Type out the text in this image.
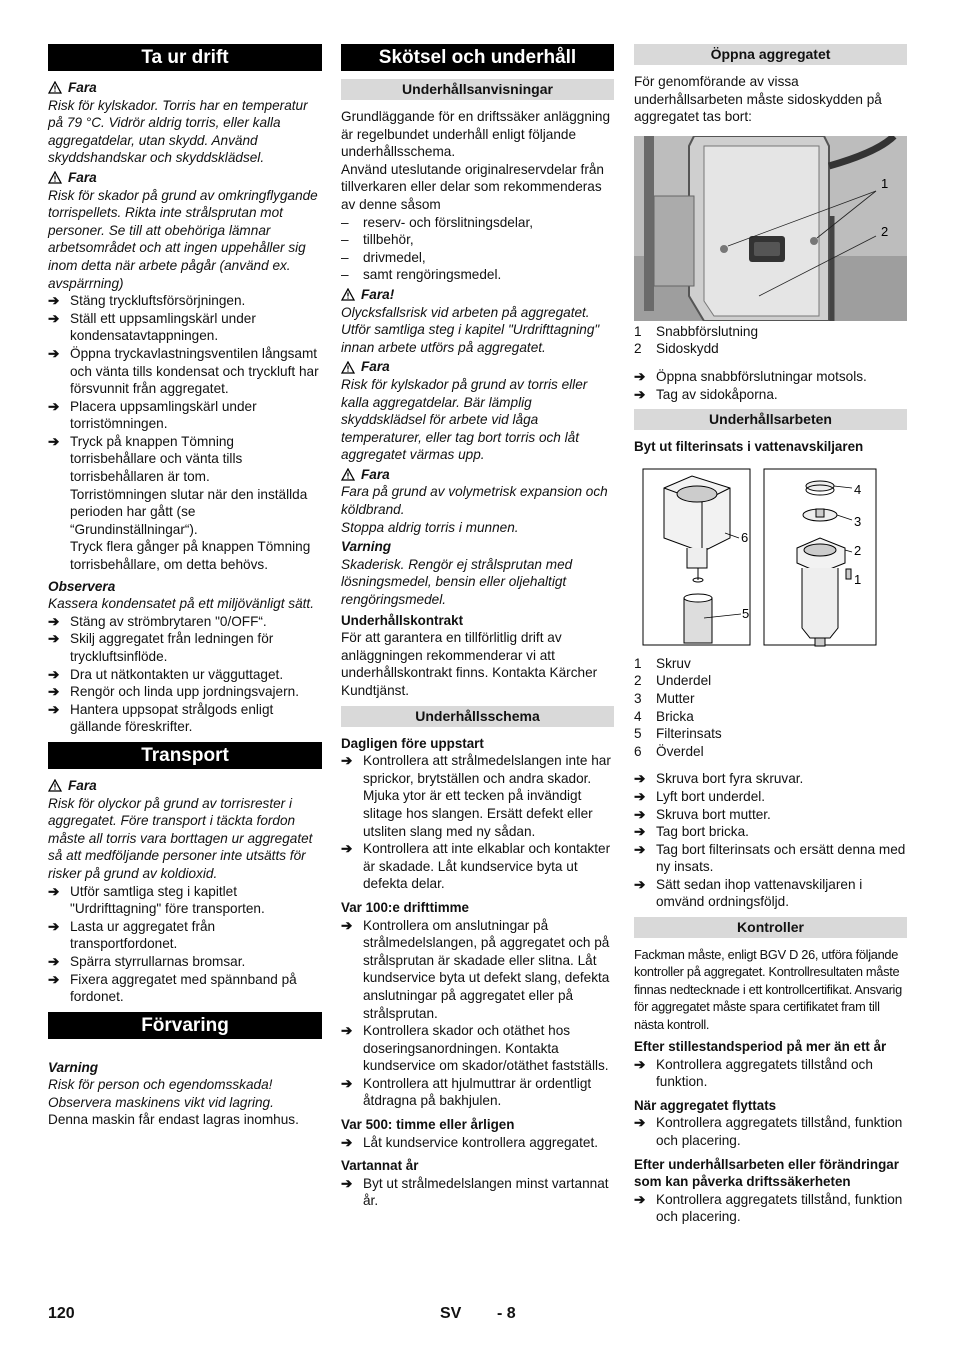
Ta ur drift
Fara
Risk för kylskador. Torris har en temperatur på 79 °C. Vidrör aldrig torris, eller kalla aggregatdelar, utan skydd. Använd skyddshandskar och skyddsklädsel.
Fara
Risk för skador på grund av omkringflygande torrispellets. Rikta inte strålsprutan mot personer. Se till att obehöriga lämnar arbetsområdet och att ingen uppehåller sig inom detta när arbete pågår (använd ex. avspärrning)
➔ Stäng tryckluftsförsörjningen.
➔ Ställ ett uppsamlingskärl under kondensatavtappningen.
➔ Öppna tryckavlastningsventilen långsamt och vänta tills kondensat och tryckluft har försvunnit från aggregatet.
➔ Placera uppsamlingskärl under torristömningen.
➔ Tryck på knappen Tömning torrisbehållare och vänta tills torrisbehållaren är tom.
Torristömningen slutar när den inställda perioden har gått (se “Grundinställningar“).
Tryck flera gånger på knappen Tömning torrisbehållare, om detta behövs.
Observera
Kassera kondensatet på ett miljövänligt sätt.
➔ Stäng av strömbrytaren "0/OFF“.
➔ Skilj aggregatet från ledningen för tryckluftsinflöde.
➔ Dra ut nätkontakten ur vägguttaget.
➔ Rengör och linda upp jordningsvajern.
➔ Hantera uppsopat strålgods enligt gällande föreskrifter.
Transport
Fara
Risk för olyckor på grund av torrisrester i aggregatet. Före transport i täckta fordon måste all torris vara borttagen ur aggregatet så att medföljande personer inte utsätts för risker på grund av koldioxid.
➔ Utför samtliga steg i kapitlet "Urdrifttagning" före transporten.
➔ Lasta ur aggregatet från transportfordonet.
➔ Spärra styrrullarnas bromsar.
➔ Fixera aggregatet med spännband på fordonet.
Förvaring
Varning
Risk för person och egendomsskada! Observera maskinens vikt vid lagring.
Denna maskin får endast lagras inomhus.
Skötsel och underhåll
Underhållsanvisningar
Grundläggande för en driftssäker anläggning är regelbundet underhåll enligt följande underhållsschema.
Använd uteslutande originalreservdelar från tillverkaren eller delar som rekommenderas av denne såsom
–	reserv- och förslitningsdelar,
–	tillbehör,
–	drivmedel,
–	samt rengöringsmedel.
Fara!
Olycksfallsrisk vid arbeten på aggregatet. Utför samtliga steg i kapitel "Urdrifttagning" innan arbete utförs på aggregatet.
Fara
Risk för kylskador på grund av torris eller kalla aggregatdelar. Bär lämplig skyddsklädsel för arbete vid låga temperaturer, eller tag bort torris och låt aggregatet värmas upp.
Fara
Fara på grund av volymetrisk expansion och köldbrand.
Stoppa aldrig torris i munnen.
Varning
Skaderisk. Rengör ej strålsprutan med lösningsmedel, bensin eller oljehaltigt rengöringsmedel.
Underhållskontrakt
För att garantera en tillförlitlig drift av anläggningen rekommenderar vi att underhållskontrakt finns. Kontakta Kärcher Kundtjänst.
Underhållsschema
Dagligen före uppstart
➔ Kontrollera att strålmedelslangen inte har sprickor, brytställen och andra skador. Mjuka ytor är ett tecken på invändigt slitage hos slangen. Ersätt defekt eller utsliten slang med ny sådan.
➔ Kontrollera att inte elkablar och kontakter är skadade. Låt kundservice byta ut defekta delar.
Var 100:e drifttimme
➔ Kontrollera om anslutningar på strålmedelslangen, på aggregatet och på strålsprutan är skadade eller slitna. Låt kundservice byta ut defekt slang, defekta anslutningar på aggregatet eller på strålsprutan.
➔ Kontrollera skador och otäthet hos doseringsanordningen. Kontakta kundservice om skador/otäthet fastställs.
➔ Kontrollera att hjulmuttrar är ordentligt åtdragna på bakhjulen.
Var 500: timme eller årligen
➔ Låt kundservice kontrollera aggregatet.
Vartannat år
➔ Byt ut strålmedelslangen minst vartannat år.
Öppna aggregatet
För genomförande av vissa underhållsarbeten måste sidoskydden på aggregatet tas bort:
1
2
1	Snabbförslutning
2	Sidoskydd
➔ Öppna snabbförslutningar motsols.
➔ Tag av sidokåporna.
Underhållsarbeten
Byt ut filterinsats i vattenavskiljaren
6
5
4
3
2
1
1	Skruv
2	Underdel
3	Mutter
4	Bricka
5	Filterinsats
6	Överdel
➔ Skruva bort fyra skruvar.
➔ Lyft bort underdel.
➔ Skruva bort mutter.
➔ Tag bort bricka.
➔ Tag bort filterinsats och ersätt denna med ny insats.
➔ Sätt sedan ihop vattenavskiljaren i omvänd ordningsföljd.
Kontroller
Fackman måste, enligt BGV D 26, utföra följande kontroller på aggregatet. Kontrollresultaten måste finnas nedtecknade i ett kontrollcertifikat. Ansvarig för aggregatet måste spara certifikatet fram till nästa kontroll.
Efter stillestandsperiod på mer än ett år
➔ Kontrollera aggregatets tillstånd och funktion.
När aggregatet flyttats
➔ Kontrollera aggregatets tillstånd, funktion och placering.
Efter underhållsarbeten eller förändringar som kan påverka driftssäkerheten
➔ Kontrollera aggregatets tillstånd, funktion och placering.
120	SV - 8
